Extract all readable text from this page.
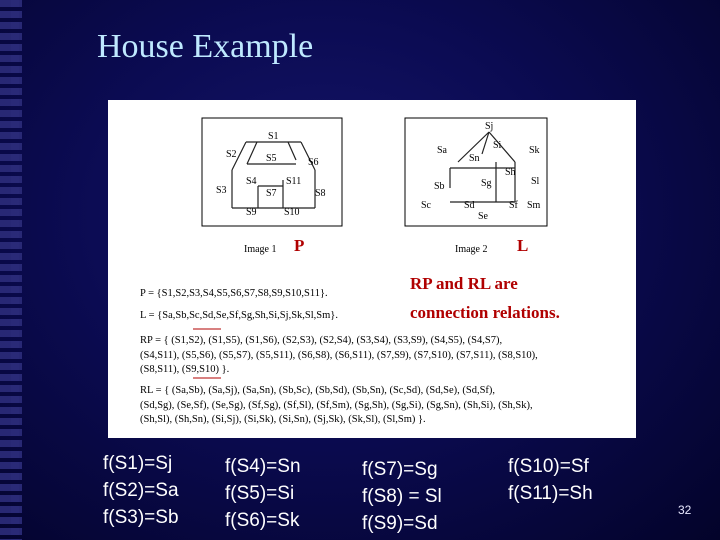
House Example
S1
S2	S5	S6
S3
S4	S11
S8
S7
S9	S10
Image 1 P
Sj
Sa	Si	Sk
Sn
Sh
Sg	Sl
Sb
Sc	Sd	Sf Sm
Se
Image 2 L
RP and RL are
connection relations.
P = {S1,S2,S3,S4,S5,S6,S7,S8,S9,S10,S11}.
L = {Sa,Sb,Sc,Sd,Se,Sf,Sg,Sh,Si,Sj,Sk,Sl,Sm}.
RP = { (S1,S2), (S1,S5), (S1,S6), (S2,S3), (S2,S4), (S3,S4), (S3,S9), (S4,S5), (S4,S7),
(S4,S11), (S5,S6), (S5,S7), (S5,S11), (S6,S8), (S6,S11), (S7,S9), (S7,S10), (S7,S11), (S8,S10),
(S8,S11), (S9,S10) }.
RL = { (Sa,Sb), (Sa,Sj), (Sa,Sn), (Sb,Sc), (Sb,Sd), (Sb,Sn), (Sc,Sd), (Sd,Se), (Sd,Sf),
(Sd,Sg), (Se,Sf), (Se,Sg), (Sf,Sg), (Sf,Sl), (Sf,Sm), (Sg,Sh), (Sg,Si), (Sg,Sn), (Sh,Si), (Sh,Sk),
(Sh,Sl), (Sh,Sn), (Si,Sj), (Si,Sk), (Si,Sn), (Sj,Sk), (Sk,Sl), (Sl,Sm) }.
f(S1)=Sj
f(S2)=Sa
f(S3)=Sb
f(S4)=Sn
f(S5)=Si
f(S6)=Sk
f(S7)=Sg
f(S8) = Sl
f(S9)=Sd
f(S10)=Sf
f(S11)=Sh
32
